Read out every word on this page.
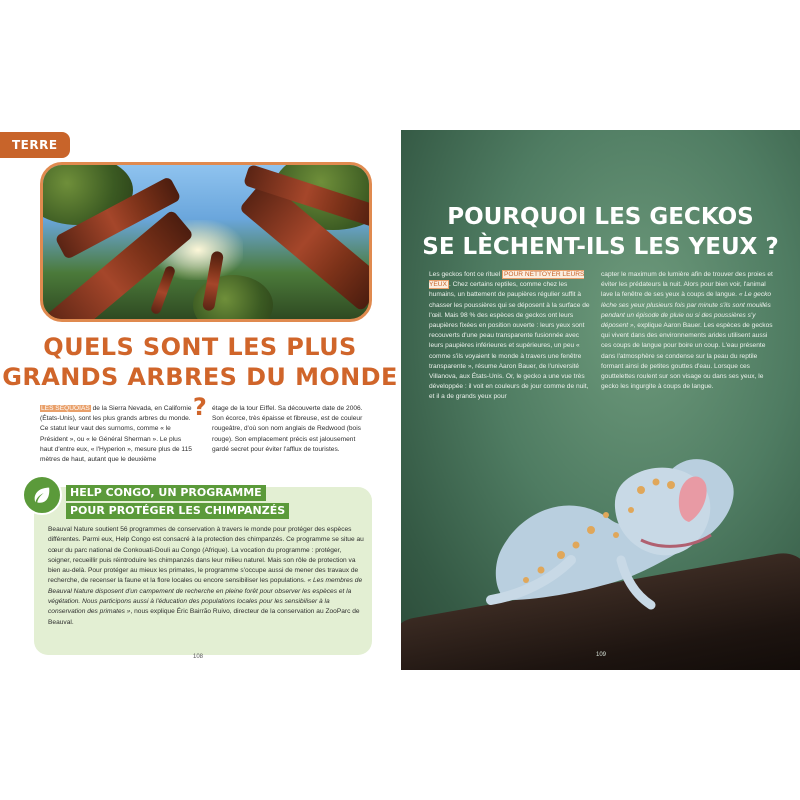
TERRE
QUELS SONT LES PLUS
GRANDS ARBRES DU MONDE ?
LES SÉQUOIAS de la Sierra Nevada, en Californie (États-Unis), sont les plus grands arbres du monde. Ce statut leur vaut des surnoms, comme « le Président », ou « le Général Sherman ». Le plus haut d'entre eux, « l'Hyperion », mesure plus de 115 mètres de haut, autant que le deuxième
étage de la tour Eiffel. Sa découverte date de 2006. Son écorce, très épaisse et fibreuse, est de couleur rougeâtre, d'où son nom anglais de Redwood (bois rouge). Son emplacement précis est jalousement gardé secret pour éviter l'afflux de touristes.
HELP CONGO, UN PROGRAMME
POUR PROTÉGER LES CHIMPANZÉS
Beauval Nature soutient 56 programmes de conservation à travers le monde pour protéger des espèces différentes. Parmi eux, Help Congo est consacré à la protection des chimpanzés. Ce programme se situe au cœur du parc national de Conkouati-Douli au Congo (Afrique). La vocation du programme : protéger, soigner, recueillir puis réintroduire les chimpanzés dans leur milieu naturel. Mais son rôle de protection va bien au-delà. Pour protéger au mieux les primates, le programme s'occupe aussi de mener des travaux de recherche, de recenser la faune et la flore locales ou encore sensibiliser les populations. « Les membres de Beauval Nature disposent d'un campement de recherche en pleine forêt pour observer les espèces et la végétation. Nous participons aussi à l'éducation des populations locales pour les sensibiliser à la conservation des primates », nous explique Éric Bairrão Ruivo, directeur de la conservation au ZooParc de Beauval.
108
POURQUOI LES GECKOS
SE LÈCHENT-ILS LES YEUX ?
Les geckos font ce rituel POUR NETTOYER LEURS YEUX . Chez certains reptiles, comme chez les humains, un battement de paupières régulier suffit à chasser les poussières qui se déposent à la surface de l'œil. Mais 98 % des espèces de geckos ont leurs paupières fixées en position ouverte : leurs yeux sont recouverts d'une peau transparente fusionnée avec leurs paupières inférieures et supérieures, un peu « comme s'ils voyaient le monde à travers une fenêtre transparente », résume Aaron Bauer, de l'université Villanova, aux États-Unis. Or, le gecko a une vue très développée : il voit en couleurs de jour comme de nuit, et il a de grands yeux pour
capter le maximum de lumière afin de trouver des proies et éviter les prédateurs la nuit. Alors pour bien voir, l'animal lave la fenêtre de ses yeux à coups de langue. « Le gecko lèche ses yeux plusieurs fois par minute s'ils sont mouillés pendant un épisode de pluie ou si des poussières s'y déposent », explique Aaron Bauer. Les espèces de geckos qui vivent dans des environnements arides utilisent aussi ces coups de langue pour boire un coup. L'eau présente dans l'atmosphère se condense sur la peau du reptile formant ainsi de petites gouttes d'eau. Lorsque ces gouttelettes roulent sur son visage ou dans ses yeux, le gecko les ingurgite à coups de langue.
109
